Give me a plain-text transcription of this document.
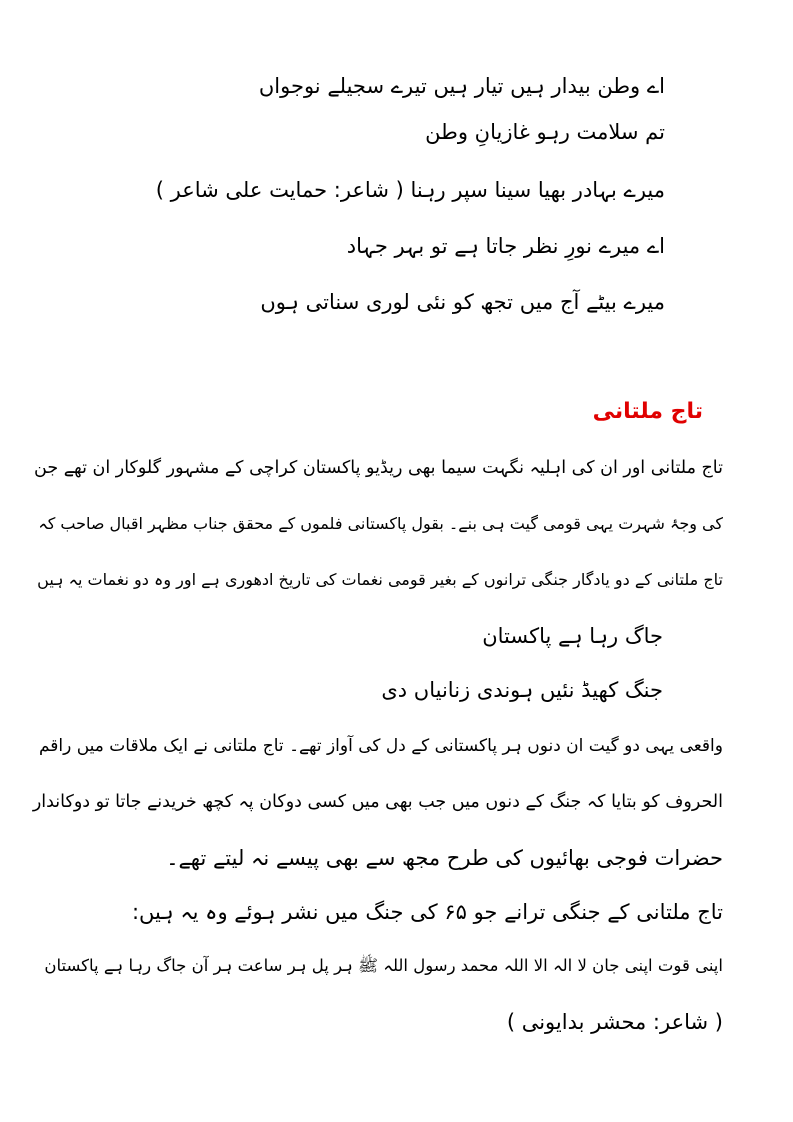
اے وطن بیدار ہیں تیار ہیں تیرے سجیلے نوجواں
تم سلامت رہو غازیانِ وطن
میرے بہادر بھیا سینا سپر رہنا ( شاعر: حمایت علی شاعر )
اے میرے نورِ نظر جاتا ہے تو بہر جہاد
میرے بیٹے آج میں تجھ کو نئی لوری سناتی ہوں
تاج ملتانی
تاج ملتانی اور ان کی اہلیہ نگہت سیما بھی ریڈیو پاکستان کراچی کے مشہور گلوکار ان تھے جن
کی وجۂ شہرت یہی قومی گیت ہی بنے۔ بقول پاکستانی فلموں کے محقق جناب مظہر اقبال صاحب کہ
تاج ملتانی کے دو یادگار جنگی ترانوں کے بغیر قومی نغمات کی تاریخ ادھوری ہے اور وہ دو نغمات یہ ہیں
جاگ رہا ہے پاکستان
جنگ کھیڈ نئیں ہوندی زنانیاں دی
واقعی یہی دو گیت ان دنوں ہر پاکستانی کے دل کی آواز تھے۔ تاج ملتانی نے ایک ملاقات میں راقم
الحروف کو بتایا کہ جنگ کے دنوں میں جب بھی میں کسی دوکان پہ کچھ خریدنے جاتا تو دوکاندار
حضرات فوجی بھائیوں کی طرح مجھ سے بھی پیسے نہ لیتے تھے۔
تاج ملتانی کے جنگی ترانے جو ۶۵ کی جنگ میں نشر ہوئے وہ یہ ہیں:
اپنی قوت اپنی جان لا الہ الا اللہ محمد رسول اللہ ﷺ ہر پل ہر ساعت ہر آن جاگ رہا ہے پاکستان
( شاعر: محشر بدایونی )
